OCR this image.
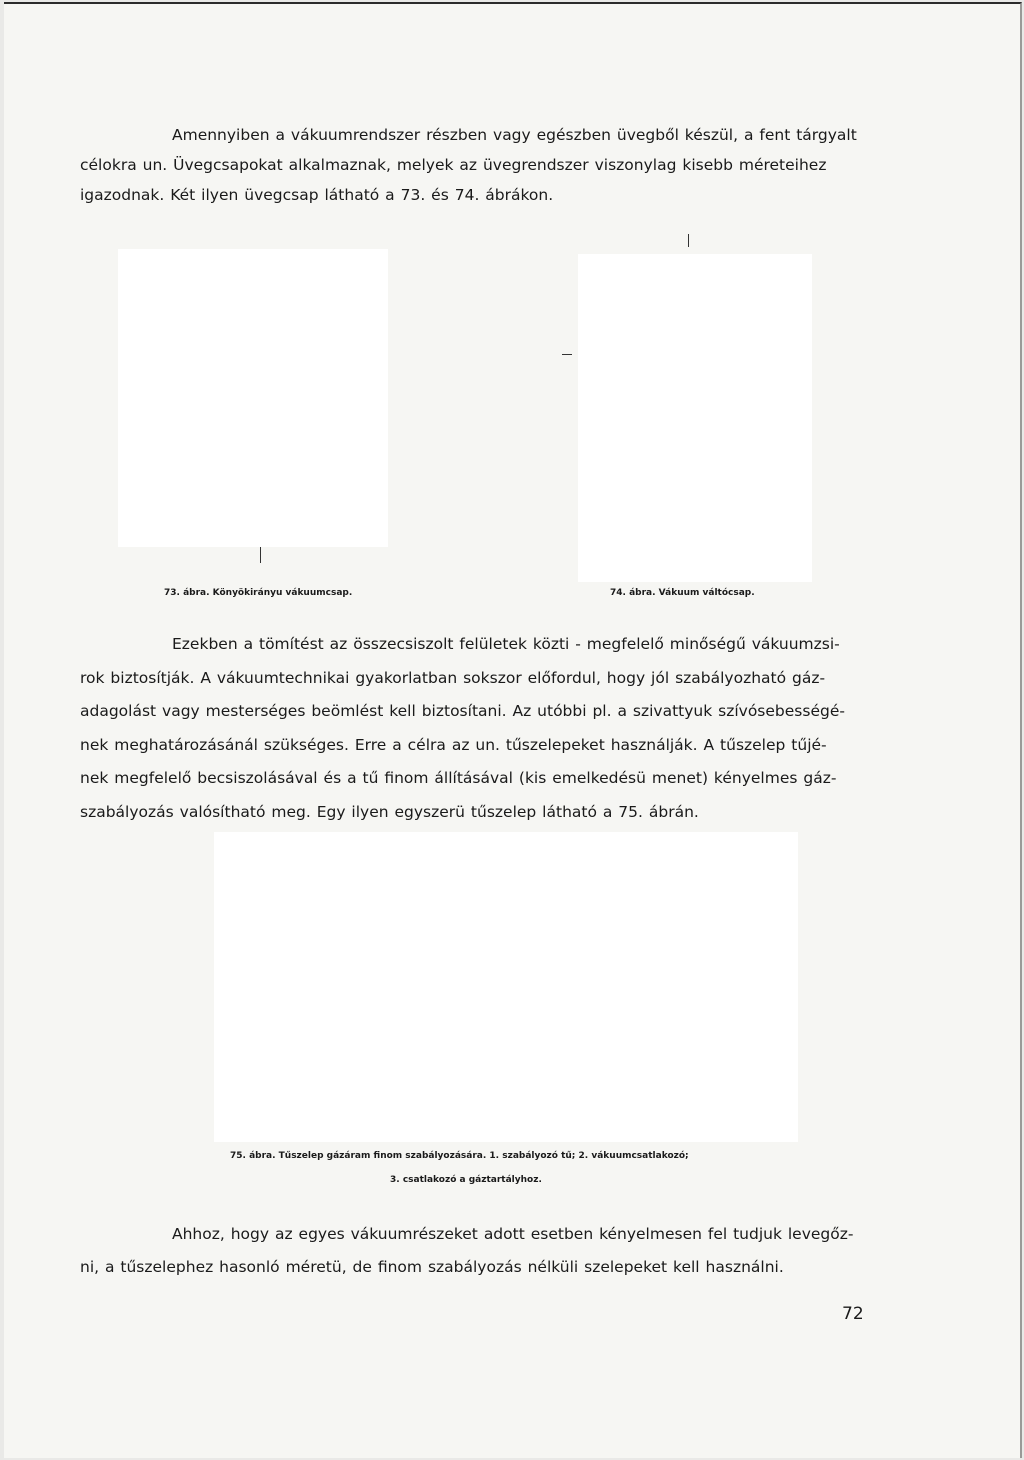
Amennyiben a vákuumrendszer részben vagy egészben üvegből készül, a fent tárgyalt
célokra un. Üvegcsapokat alkalmaznak, melyek az üvegrendszer viszonylag kisebb méreteihez
igazodnak. Két ilyen üvegcsap látható a 73. és 74. ábrákon.
73. ábra. Könyökirányu vákuumcsap.	74. ábra. Vákuum váltócsap.
Ezekben a tömítést az összecsiszolt felületek közti - megfelelő minőségű vákuumzsi-
rok biztosítják. A vákuumtechnikai gyakorlatban sokszor előfordul, hogy jól szabályozható gáz-
adagolást vagy mesterséges beömlést kell biztosítani. Az utóbbi pl. a szivattyuk szívósebességé-
nek meghatározásánál szükséges. Erre a célra az un. tűszelepeket használják. A tűszelep tűjé-
nek megfelelő becsiszolásával és a tű finom állításával (kis emelkedésü menet) kényelmes gáz-
szabályozás valósítható meg. Egy ilyen egyszerü tűszelep látható a 75. ábrán.
75. ábra. Tűszelep gázáram finom szabályozására. 1. szabályozó tű; 2. vákuumcsatlakozó;
3. csatlakozó a gáztartályhoz.
Ahhoz, hogy az egyes vákuumrészeket adott esetben kényelmesen fel tudjuk levegőz-
ni, a tűszelephez hasonló méretü, de finom szabályozás nélküli szelepeket kell használni.
72
